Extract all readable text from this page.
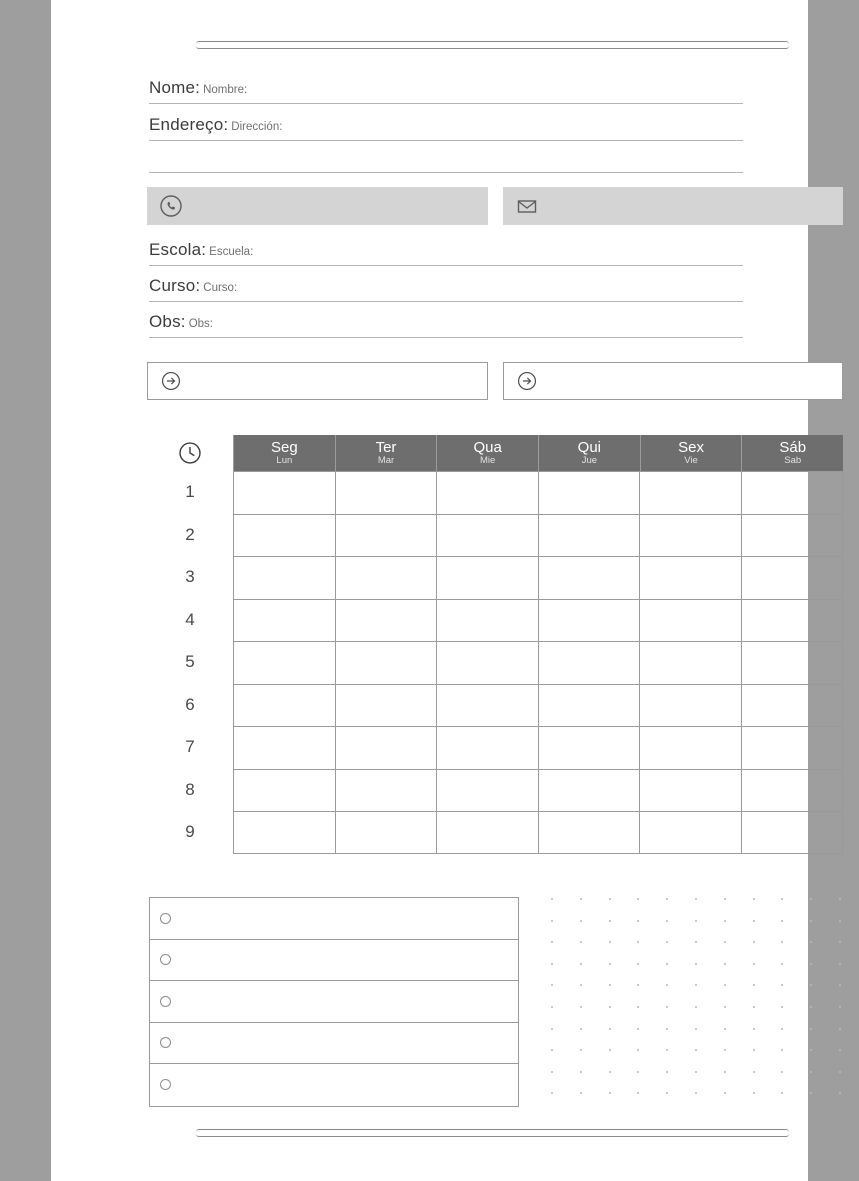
Nome: Nombre:
Endereço: Dirección:
Escola: Escuela:
Curso: Curso:
Obs: Obs:
Seg
Lun
Ter
Mar
Qua
Mie
Qui
Jue
Sex
Vie
Sáb
Sab
1
2
3
4
5
6
7
8
9
